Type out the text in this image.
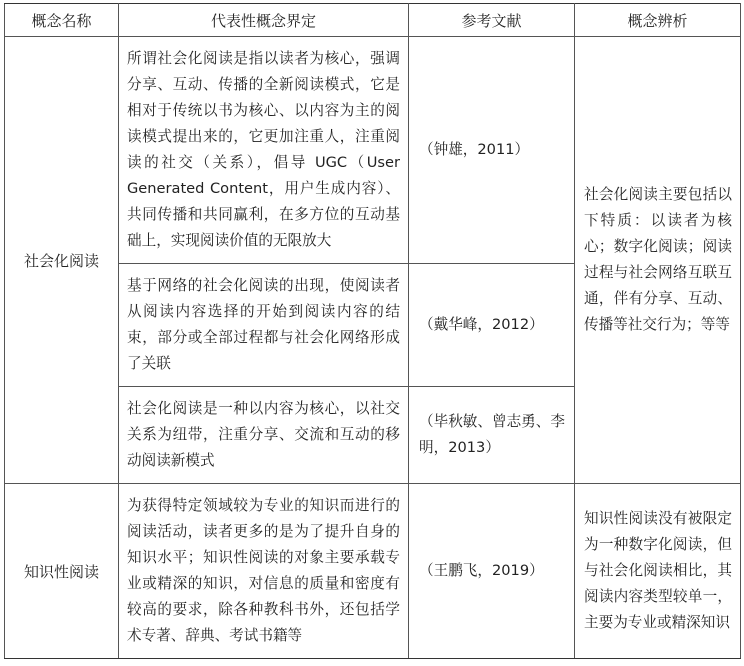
概念名称	代表性概念界定	参考文献	概念辨析
社会化阅读	所谓社会化阅读是指以读者为核心，强调分享、互动、传播的全新阅读模式，它是相对于传统以书为核心、以内容为主的阅读模式提出来的，它更加注重人，注重阅读的社交（关系），倡导 UGC（User Generated Content，用户生成内容）、共同传播和共同赢利，在多方位的互动基础上，实现阅读价值的无限放大	（钟雄，2011）	社会化阅读主要包括以下特质：以读者为核心；数字化阅读；阅读过程与社会网络互联互通，伴有分享、互动、传播等社交行为；等等
	基于网络的社会化阅读的出现，使阅读者从阅读内容选择的开始到阅读内容的结束，部分或全部过程都与社会化网络形成了关联	（戴华峰，2012）	
	社会化阅读是一种以内容为核心，以社交关系为纽带，注重分享、交流和互动的移动阅读新模式	（毕秋敏、曾志勇、李明，2013）	
知识性阅读	为获得特定领域较为专业的知识而进行的阅读活动，读者更多的是为了提升自身的知识水平；知识性阅读的对象主要承载专业或精深的知识，对信息的质量和密度有较高的要求，除各种教科书外，还包括学术专著、辞典、考试书籍等	（王鹏飞，2019）	知识性阅读没有被限定为一种数字化阅读，但与社会化阅读相比，其阅读内容类型较单一，主要为专业或精深知识
